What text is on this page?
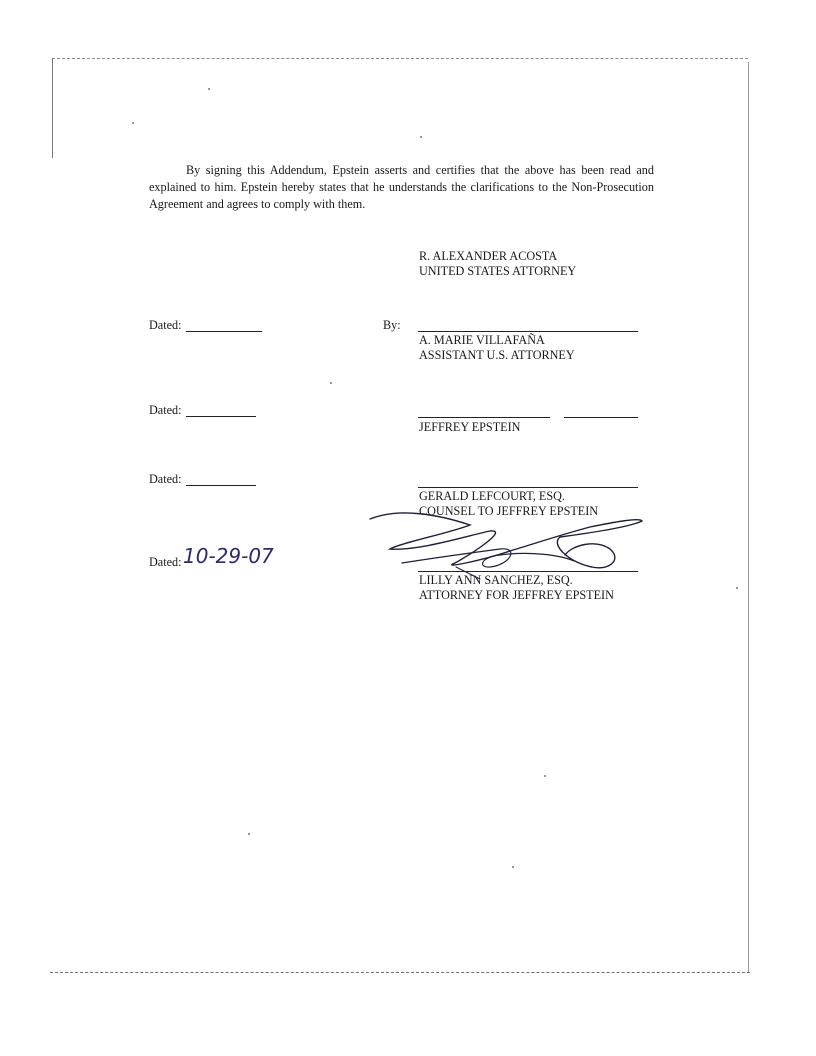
By signing this Addendum, Epstein asserts and certifies that the above has been read and explained to him. Epstein hereby states that he understands the clarifications to the Non-Prosecution Agreement and agrees to comply with them.

R. ALEXANDER ACOSTA
UNITED STATES ATTORNEY
Dated:	By:
A. MARIE VILLAFAÑA
ASSISTANT U.S. ATTORNEY
Dated:
JEFFREY EPSTEIN
Dated:
GERALD LEFCOURT, ESQ.
COUNSEL TO JEFFREY EPSTEIN
Dated: 10-29-07
LILLY ANN SANCHEZ, ESQ.
ATTORNEY FOR JEFFREY EPSTEIN
